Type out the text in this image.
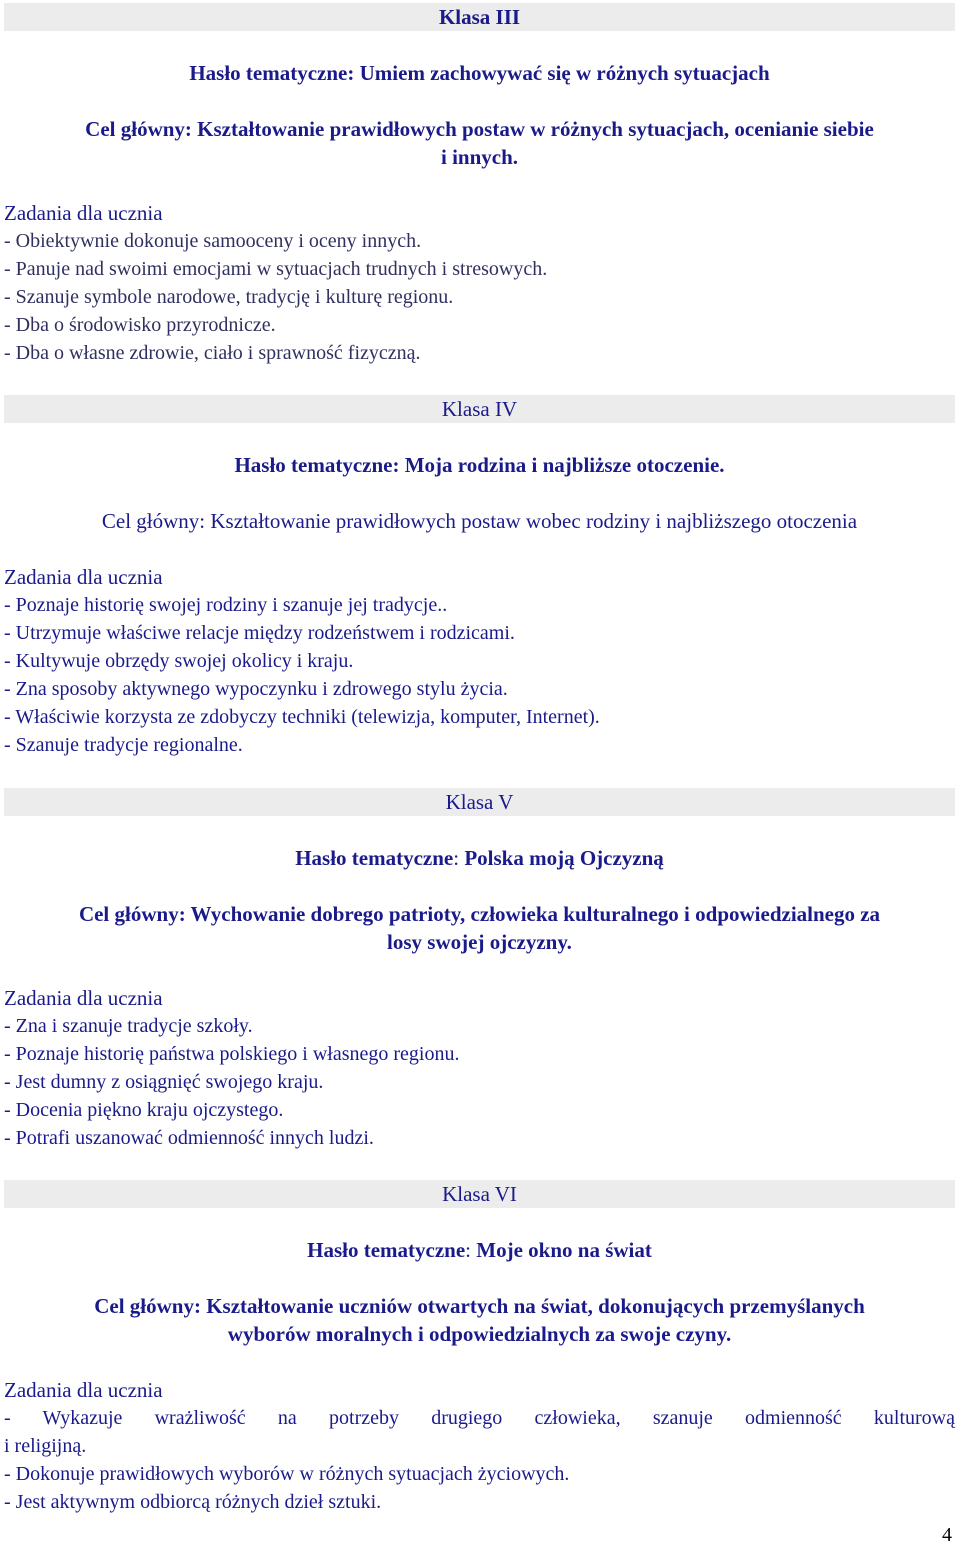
Klasa III
Hasło tematyczne: Umiem zachowywać się w różnych sytuacjach
Cel główny: Kształtowanie prawidłowych postaw w różnych sytuacjach, ocenianie siebie
i innych.
Zadania dla ucznia
- Obiektywnie dokonuje samooceny i oceny innych.
- Panuje nad swoimi emocjami w sytuacjach trudnych i stresowych.
- Szanuje symbole narodowe, tradycję i kulturę regionu.
- Dba o środowisko przyrodnicze.
- Dba o własne zdrowie, ciało i sprawność fizyczną.
Klasa IV
Hasło tematyczne: Moja rodzina i najbliższe otoczenie.
Cel główny: Kształtowanie prawidłowych postaw wobec rodziny i najbliższego otoczenia
Zadania dla ucznia
- Poznaje historię swojej rodziny i szanuje jej tradycje..
- Utrzymuje właściwe relacje między rodzeństwem i rodzicami.
- Kultywuje obrzędy swojej okolicy i kraju.
- Zna sposoby aktywnego wypoczynku i zdrowego stylu życia.
- Właściwie korzysta ze zdobyczy techniki (telewizja, komputer, Internet).
- Szanuje tradycje regionalne.
Klasa V
Hasło tematyczne: Polska moją Ojczyzną
Cel główny: Wychowanie dobrego patrioty, człowieka kulturalnego i odpowiedzialnego za
losy swojej ojczyzny.
Zadania dla ucznia
- Zna i szanuje tradycje szkoły.
- Poznaje historię państwa polskiego i własnego regionu.
- Jest dumny z osiągnięć swojego kraju.
- Docenia piękno kraju ojczystego.
- Potrafi uszanować odmienność innych ludzi.
Klasa VI
Hasło tematyczne: Moje okno na świat
Cel główny: Kształtowanie uczniów otwartych na świat, dokonujących przemyślanych
wyborów moralnych i odpowiedzialnych za swoje czyny.
Zadania dla ucznia
- Wykazuje wrażliwość na potrzeby drugiego człowieka, szanuje odmienność kulturową
i religijną.
- Dokonuje prawidłowych wyborów w różnych sytuacjach życiowych.
- Jest aktywnym odbiorcą różnych dzieł sztuki.
4
